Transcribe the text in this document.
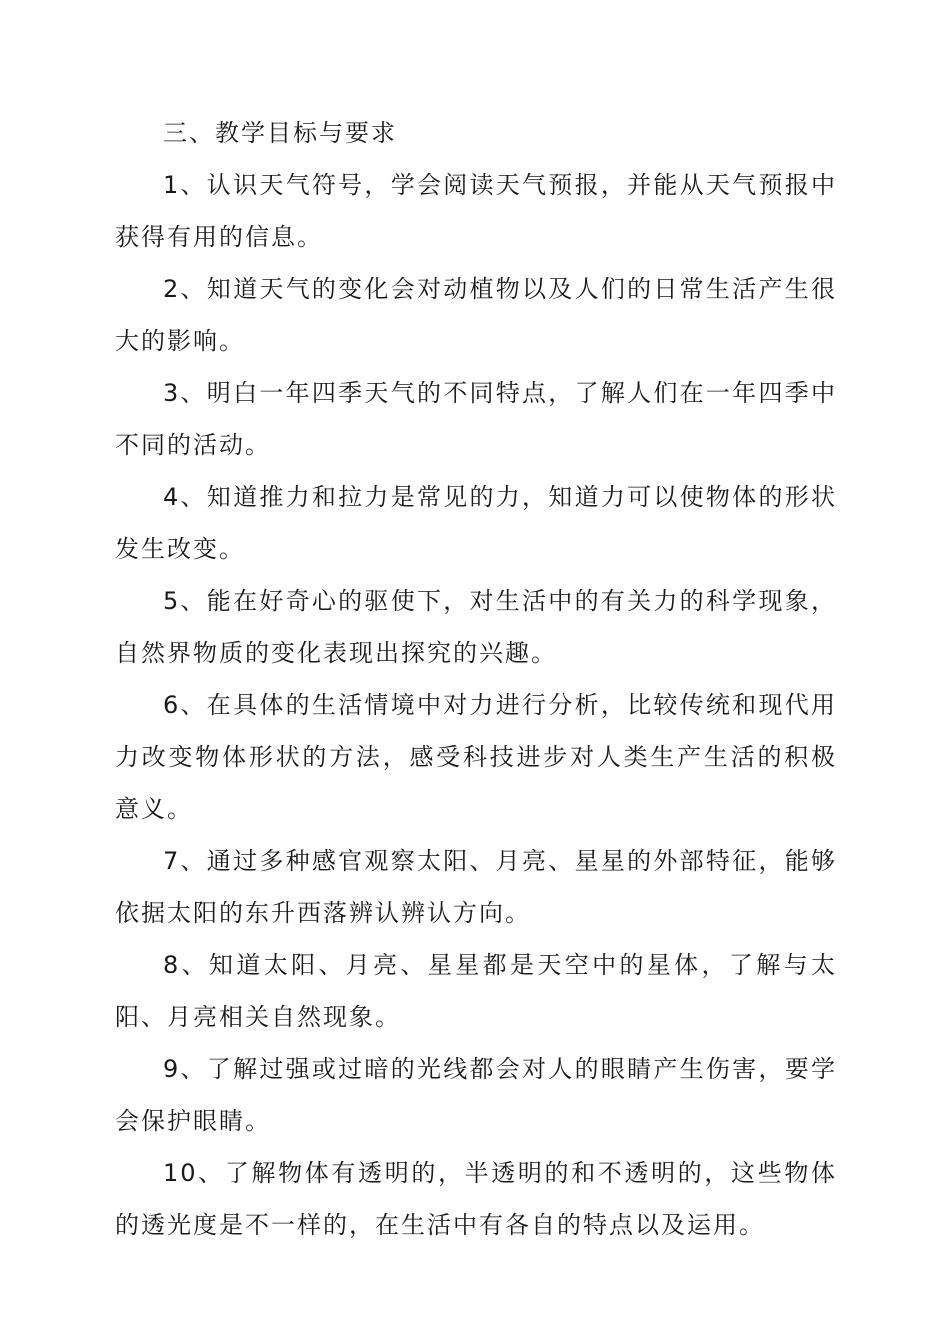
三、教学目标与要求

1、认识天气符号，学会阅读天气预报，并能从天气预报中获得有用的信息。

2、知道天气的变化会对动植物以及人们的日常生活产生很大的影响。

3、明白一年四季天气的不同特点，了解人们在一年四季中不同的活动。

4、知道推力和拉力是常见的力，知道力可以使物体的形状发生改变。

5、能在好奇心的驱使下，对生活中的有关力的科学现象，自然界物质的变化表现出探究的兴趣。

6、在具体的生活情境中对力进行分析，比较传统和现代用力改变物体形状的方法，感受科技进步对人类生产生活的积极意义。

7、通过多种感官观察太阳、月亮、星星的外部特征，能够依据太阳的东升西落辨认辨认方向。

8、知道太阳、月亮、星星都是天空中的星体，了解与太阳、月亮相关自然现象。

9、了解过强或过暗的光线都会对人的眼睛产生伤害，要学会保护眼睛。

10、了解物体有透明的，半透明的和不透明的，这些物体的透光度是不一样的，在生活中有各自的特点以及运用。
